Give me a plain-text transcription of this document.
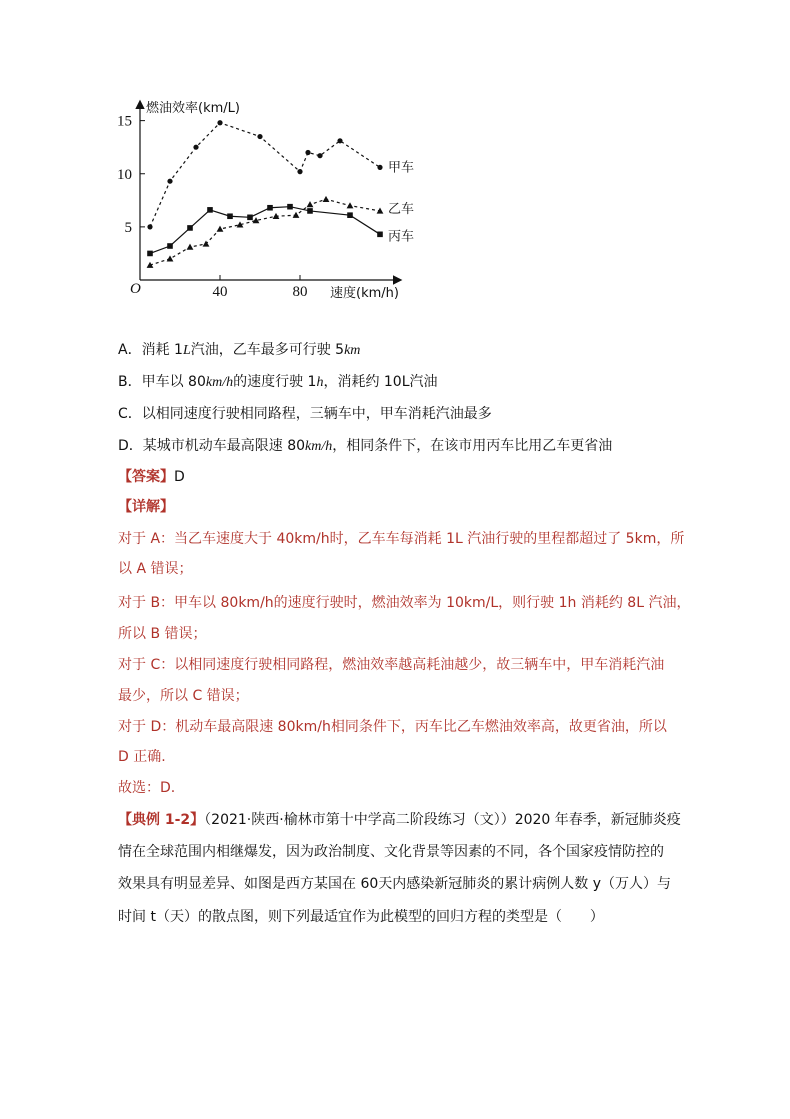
40	80
5
10
15
甲车
乙车
丙车
燃油效率(km/L)
速度(km/h)
O
A．消耗 1L汽油，乙车最多可行驶 5km
B．甲车以 80km/h的速度行驶 1h，消耗约 10L汽油
C．以相同速度行驶相同路程，三辆车中，甲车消耗汽油最多
D．某城市机动车最高限速 80km/h，相同条件下，在该市用丙车比用乙车更省油
【答案】D
【详解】
对于 A：当乙车速度大于 40km/h时，乙车车每消耗 1L 汽油行驶的里程都超过了 5km，所
以 A 错误；
对于 B：甲车以 80km/h的速度行驶时，燃油效率为 10km/L，则行驶 1h 消耗约 8L 汽油，
所以 B 错误；
对于 C：以相同速度行驶相同路程，燃油效率越高耗油越少，故三辆车中，甲车消耗汽油
最少，所以 C 错误；
对于 D：机动车最高限速 80km/h相同条件下，丙车比乙车燃油效率高，故更省油，所以
D 正确.
故选：D.
【典例 1-2】（2021·陕西·榆林市第十中学高二阶段练习（文））2020 年春季，新冠肺炎疫
情在全球范围内相继爆发，因为政治制度、文化背景等因素的不同，各个国家疫情防控的
效果具有明显差异、如图是西方某国在 60天内感染新冠肺炎的累计病例人数 y（万人）与
时间 t（天）的散点图，则下列最适宜作为此模型的回归方程的类型是（　　）
